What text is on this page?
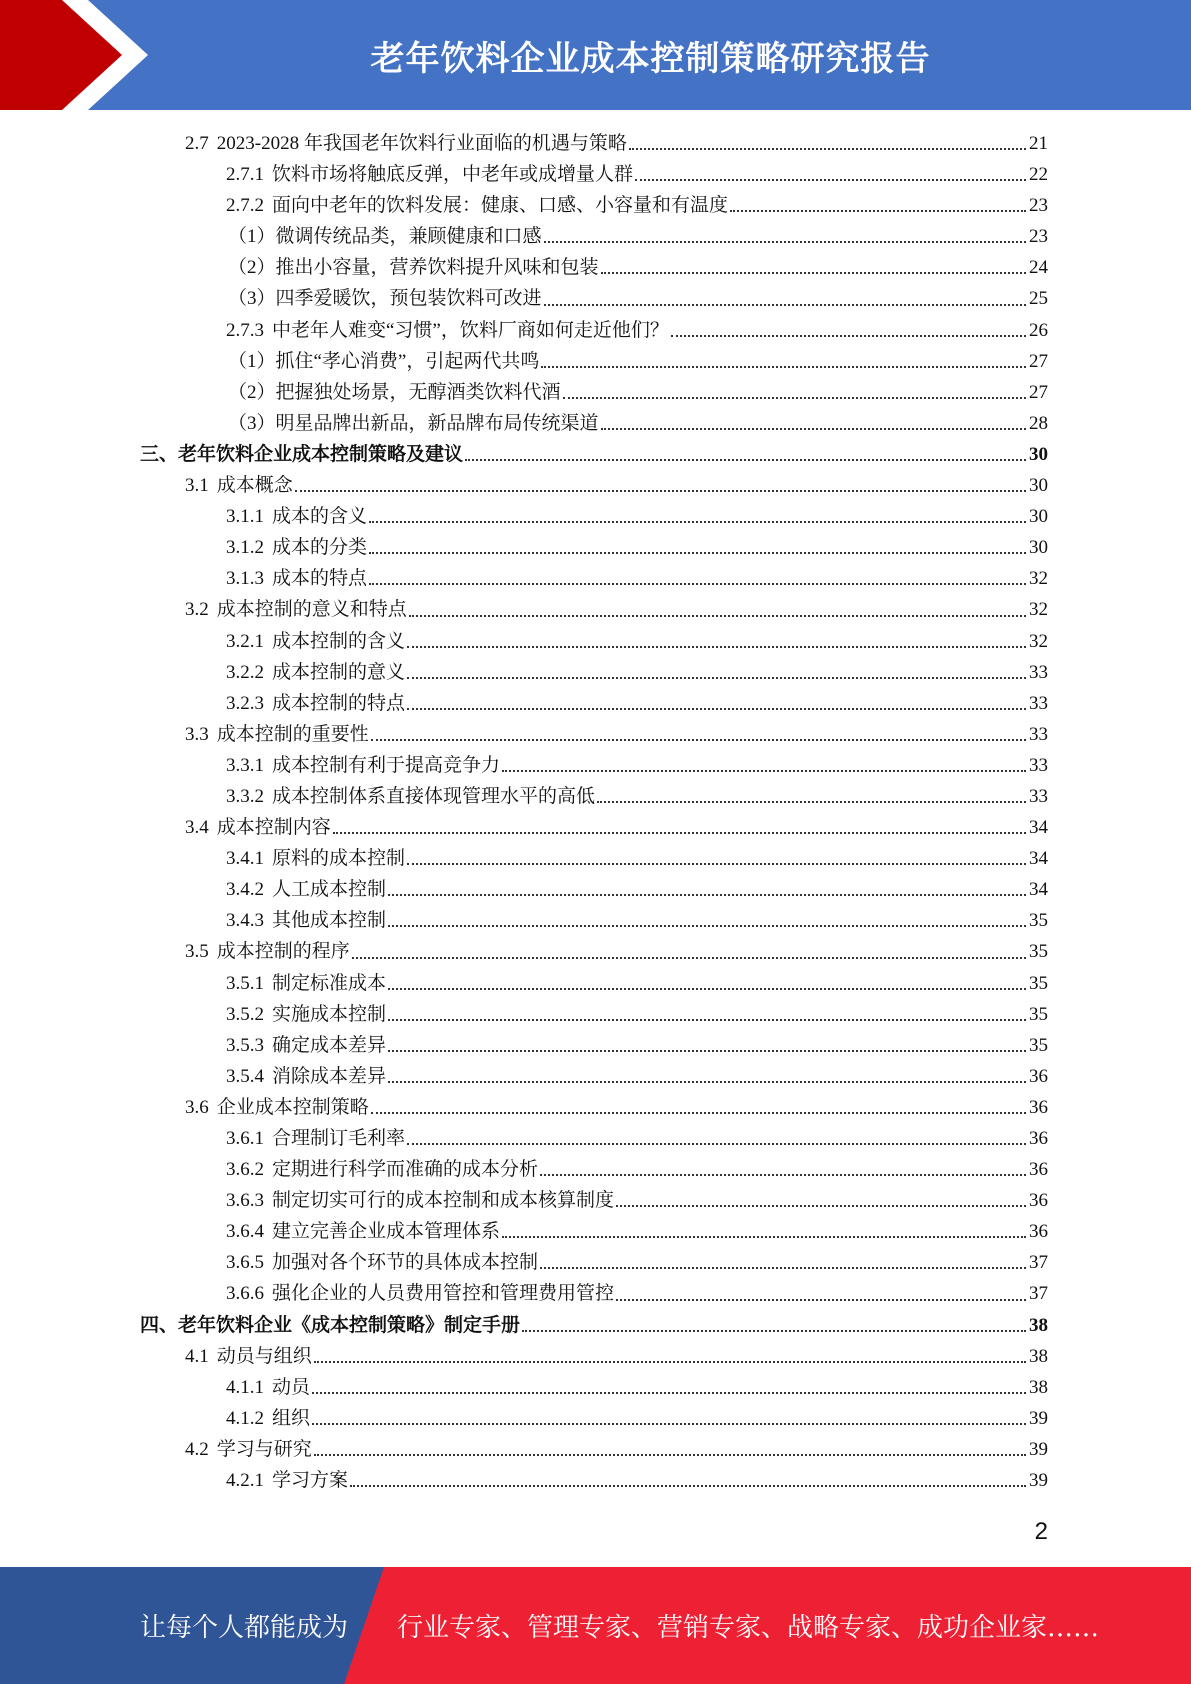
老年饮料企业成本控制策略研究报告
2.7 2023-2028 年我国老年饮料行业面临的机遇与策略	21
2.7.1 饮料市场将触底反弹，中老年或成增量人群	22
2.7.2 面向中老年的饮料发展：健康、口感、小容量和有温度	23
（1）微调传统品类，兼顾健康和口感	23
（2）推出小容量，营养饮料提升风味和包装	24
（3）四季爱暖饮，预包装饮料可改进	25
2.7.3 中老年人难变“习惯”，饮料厂商如何走近他们？	26
（1）抓住“孝心消费”，引起两代共鸣	27
（2）把握独处场景，无醇酒类饮料代酒	27
（3）明星品牌出新品，新品牌布局传统渠道	28
三、老年饮料企业成本控制策略及建议	30
3.1 成本概念	30
3.1.1 成本的含义	30
3.1.2 成本的分类	30
3.1.3 成本的特点	32
3.2 成本控制的意义和特点	32
3.2.1 成本控制的含义	32
3.2.2 成本控制的意义	33
3.2.3 成本控制的特点	33
3.3 成本控制的重要性	33
3.3.1 成本控制有利于提高竞争力	33
3.3.2 成本控制体系直接体现管理水平的高低	33
3.4 成本控制内容	34
3.4.1 原料的成本控制	34
3.4.2 人工成本控制	34
3.4.3 其他成本控制	35
3.5 成本控制的程序	35
3.5.1 制定标准成本	35
3.5.2 实施成本控制	35
3.5.3 确定成本差异	35
3.5.4 消除成本差异	36
3.6 企业成本控制策略	36
3.6.1 合理制订毛利率	36
3.6.2 定期进行科学而准确的成本分析	36
3.6.3 制定切实可行的成本控制和成本核算制度	36
3.6.4 建立完善企业成本管理体系	36
3.6.5 加强对各个环节的具体成本控制	37
3.6.6 强化企业的人员费用管控和管理费用管控	37
四、老年饮料企业《成本控制策略》制定手册	38
4.1 动员与组织	38
4.1.1 动员	38
4.1.2 组织	39
4.2 学习与研究	39
4.2.1 学习方案	39
2
让每个人都能成为 行业专家、管理专家、营销专家、战略专家、成功企业家……
